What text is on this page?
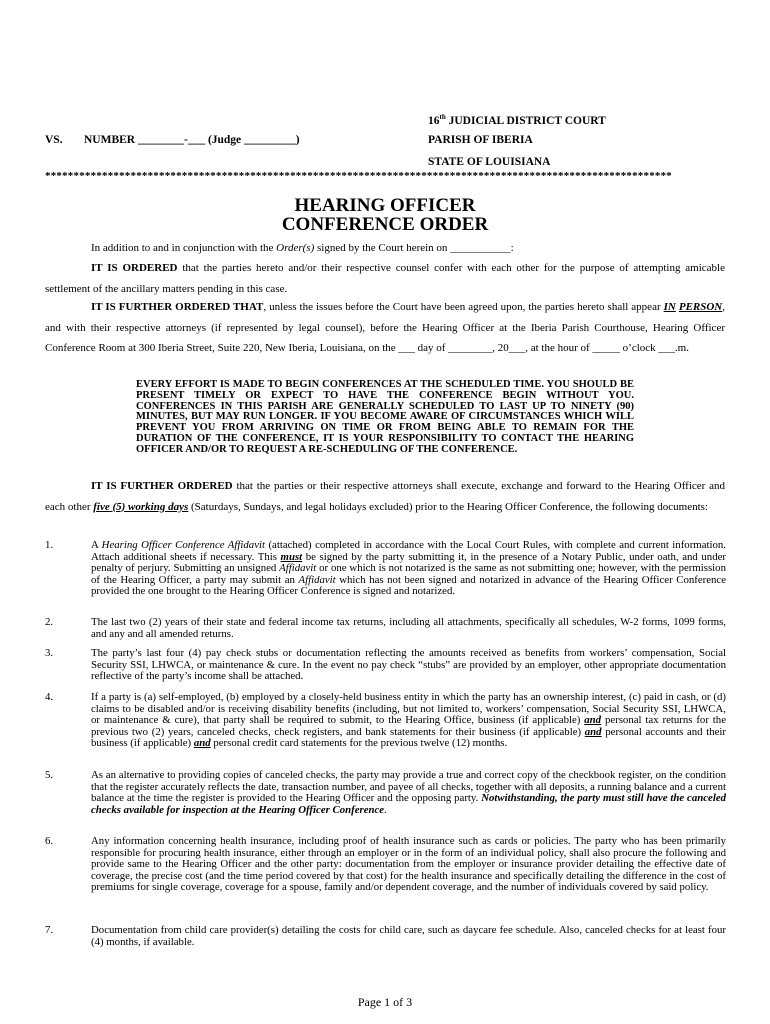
16th JUDICIAL DISTRICT COURT
VS. NUMBER ________-___ (Judge _________)	PARISH OF IBERIA
STATE OF LOUISIANA
**************************************************************************************************************
HEARING OFFICER
CONFERENCE ORDER
In addition to and in conjunction with the Order(s) signed by the Court herein on ___________:
IT IS ORDERED that the parties hereto and/or their respective counsel confer with each other for the purpose of attempting amicable settlement of the ancillary matters pending in this case.
IT IS FURTHER ORDERED THAT, unless the issues before the Court have been agreed upon, the parties hereto shall appear IN PERSON, and with their respective attorneys (if represented by legal counsel), before the Hearing Officer at the Iberia Parish Courthouse, Hearing Officer Conference Room at 300 Iberia Street, Suite 220, New Iberia, Louisiana, on the ___ day of ________, 20___, at the hour of _____ o’clock ___.m.
EVERY EFFORT IS MADE TO BEGIN CONFERENCES AT THE SCHEDULED TIME. YOU SHOULD BE PRESENT TIMELY OR EXPECT TO HAVE THE CONFERENCE BEGIN WITHOUT YOU. CONFERENCES IN THIS PARISH ARE GENERALLY SCHEDULED TO LAST UP TO NINETY (90) MINUTES, BUT MAY RUN LONGER. IF YOU BECOME AWARE OF CIRCUMSTANCES WHICH WILL PREVENT YOU FROM ARRIVING ON TIME OR FROM BEING ABLE TO REMAIN FOR THE DURATION OF THE CONFERENCE, IT IS YOUR RESPONSIBILITY TO CONTACT THE HEARING OFFICER AND/OR TO REQUEST A RE-SCHEDULING OF THE CONFERENCE.
IT IS FURTHER ORDERED that the parties or their respective attorneys shall execute, exchange and forward to the Hearing Officer and each other five (5) working days (Saturdays, Sundays, and legal holidays excluded) prior to the Hearing Officer Conference, the following documents:
1.	A Hearing Officer Conference Affidavit (attached) completed in accordance with the Local Court Rules, with complete and current information. Attach additional sheets if necessary. This must be signed by the party submitting it, in the presence of a Notary Public, under oath, and under penalty of perjury. Submitting an unsigned Affidavit or one which is not notarized is the same as not submitting one; however, with the permission of the Hearing Officer, a party may submit an Affidavit which has not been signed and notarized in advance of the Hearing Officer Conference provided the one brought to the Hearing Officer Conference is signed and notarized.
2.	The last two (2) years of their state and federal income tax returns, including all attachments, specifically all schedules, W-2 forms, 1099 forms, and any and all amended returns.
3.	The party’s last four (4) pay check stubs or documentation reflecting the amounts received as benefits from workers’ compensation, Social Security SSI, LHWCA, or maintenance & cure. In the event no pay check “stubs” are provided by an employer, other appropriate documentation reflective of the party’s income shall be attached.
4.	If a party is (a) self-employed, (b) employed by a closely-held business entity in which the party has an ownership interest, (c) paid in cash, or (d) claims to be disabled and/or is receiving disability benefits (including, but not limited to, workers’ compensation, Social Security SSI, LHWCA, or maintenance & cure), that party shall be required to submit, to the Hearing Office, business (if applicable) and personal tax returns for the previous two (2) years, canceled checks, check registers, and bank statements for their business (if applicable) and personal accounts and their business (if applicable) and personal credit card statements for the previous twelve (12) months.
5.	As an alternative to providing copies of canceled checks, the party may provide a true and correct copy of the checkbook register, on the condition that the register accurately reflects the date, transaction number, and payee of all checks, together with all deposits, a running balance and a current balance at the time the register is provided to the Hearing Officer and the opposing party. Notwithstanding, the party must still have the canceled checks available for inspection at the Hearing Officer Conference.
6.	Any information concerning health insurance, including proof of health insurance such as cards or policies. The party who has been primarily responsible for procuring health insurance, either through an employer or in the form of an individual policy, shall also procure the following and provide same to the Hearing Officer and the other party: documentation from the employer or insurance provider detailing the effective date of coverage, the precise cost (and the time period covered by that cost) for the health insurance and specifically detailing the difference in the cost of premiums for single coverage, coverage for a spouse, family and/or dependent coverage, and the number of individuals covered by said policy.
7.	Documentation from child care provider(s) detailing the costs for child care, such as daycare fee schedule. Also, canceled checks for at least four (4) months, if available.
Page 1 of 3
